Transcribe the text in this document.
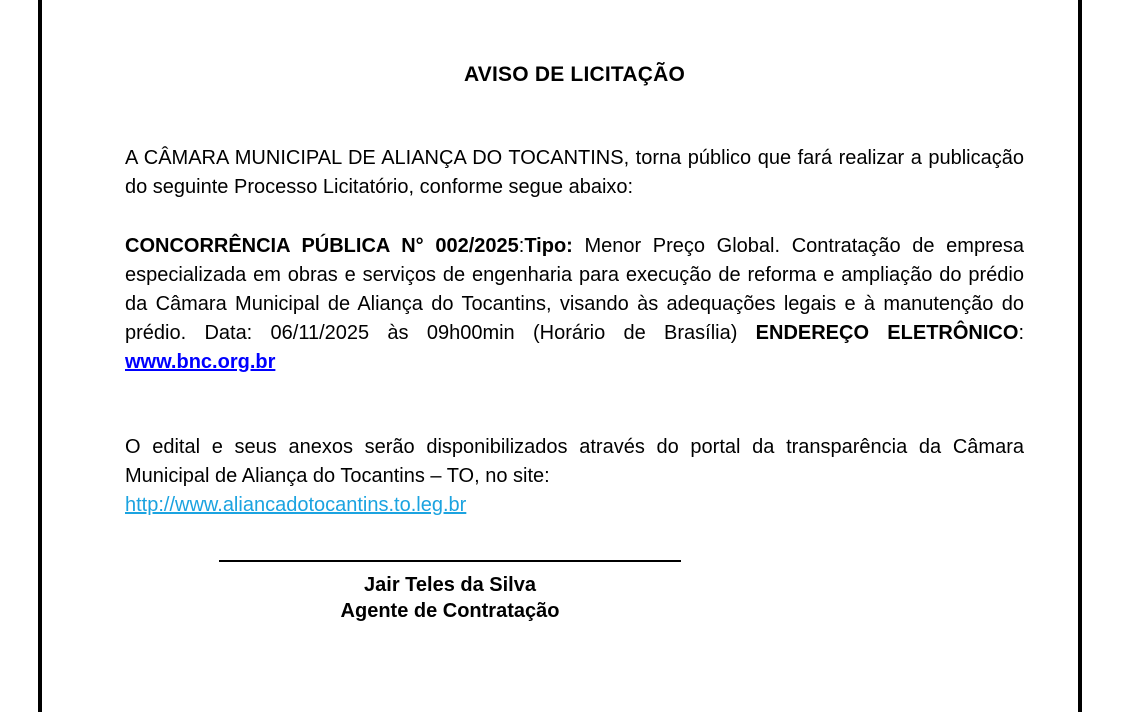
AVISO DE LICITAÇÃO

A CÂMARA MUNICIPAL DE ALIANÇA DO TOCANTINS, torna público que fará realizar a publicação do seguinte Processo Licitatório, conforme segue abaixo:

CONCORRÊNCIA PÚBLICA N° 002/2025:Tipo: Menor Preço Global. Contratação de empresa especializada em obras e serviços de engenharia para execução de reforma e ampliação do prédio da Câmara Municipal de Aliança do Tocantins, visando às adequações legais e à manutenção do prédio. Data: 06/11/2025 às 09h00min (Horário de Brasília) ENDEREÇO ELETRÔNICO: www.bnc.org.br

O edital e seus anexos serão disponibilizados através do portal da transparência da Câmara Municipal de Aliança do Tocantins – TO, no site:

http://www.aliancadotocantins.to.leg.br

Jair Teles da Silva
Agente de Contratação
